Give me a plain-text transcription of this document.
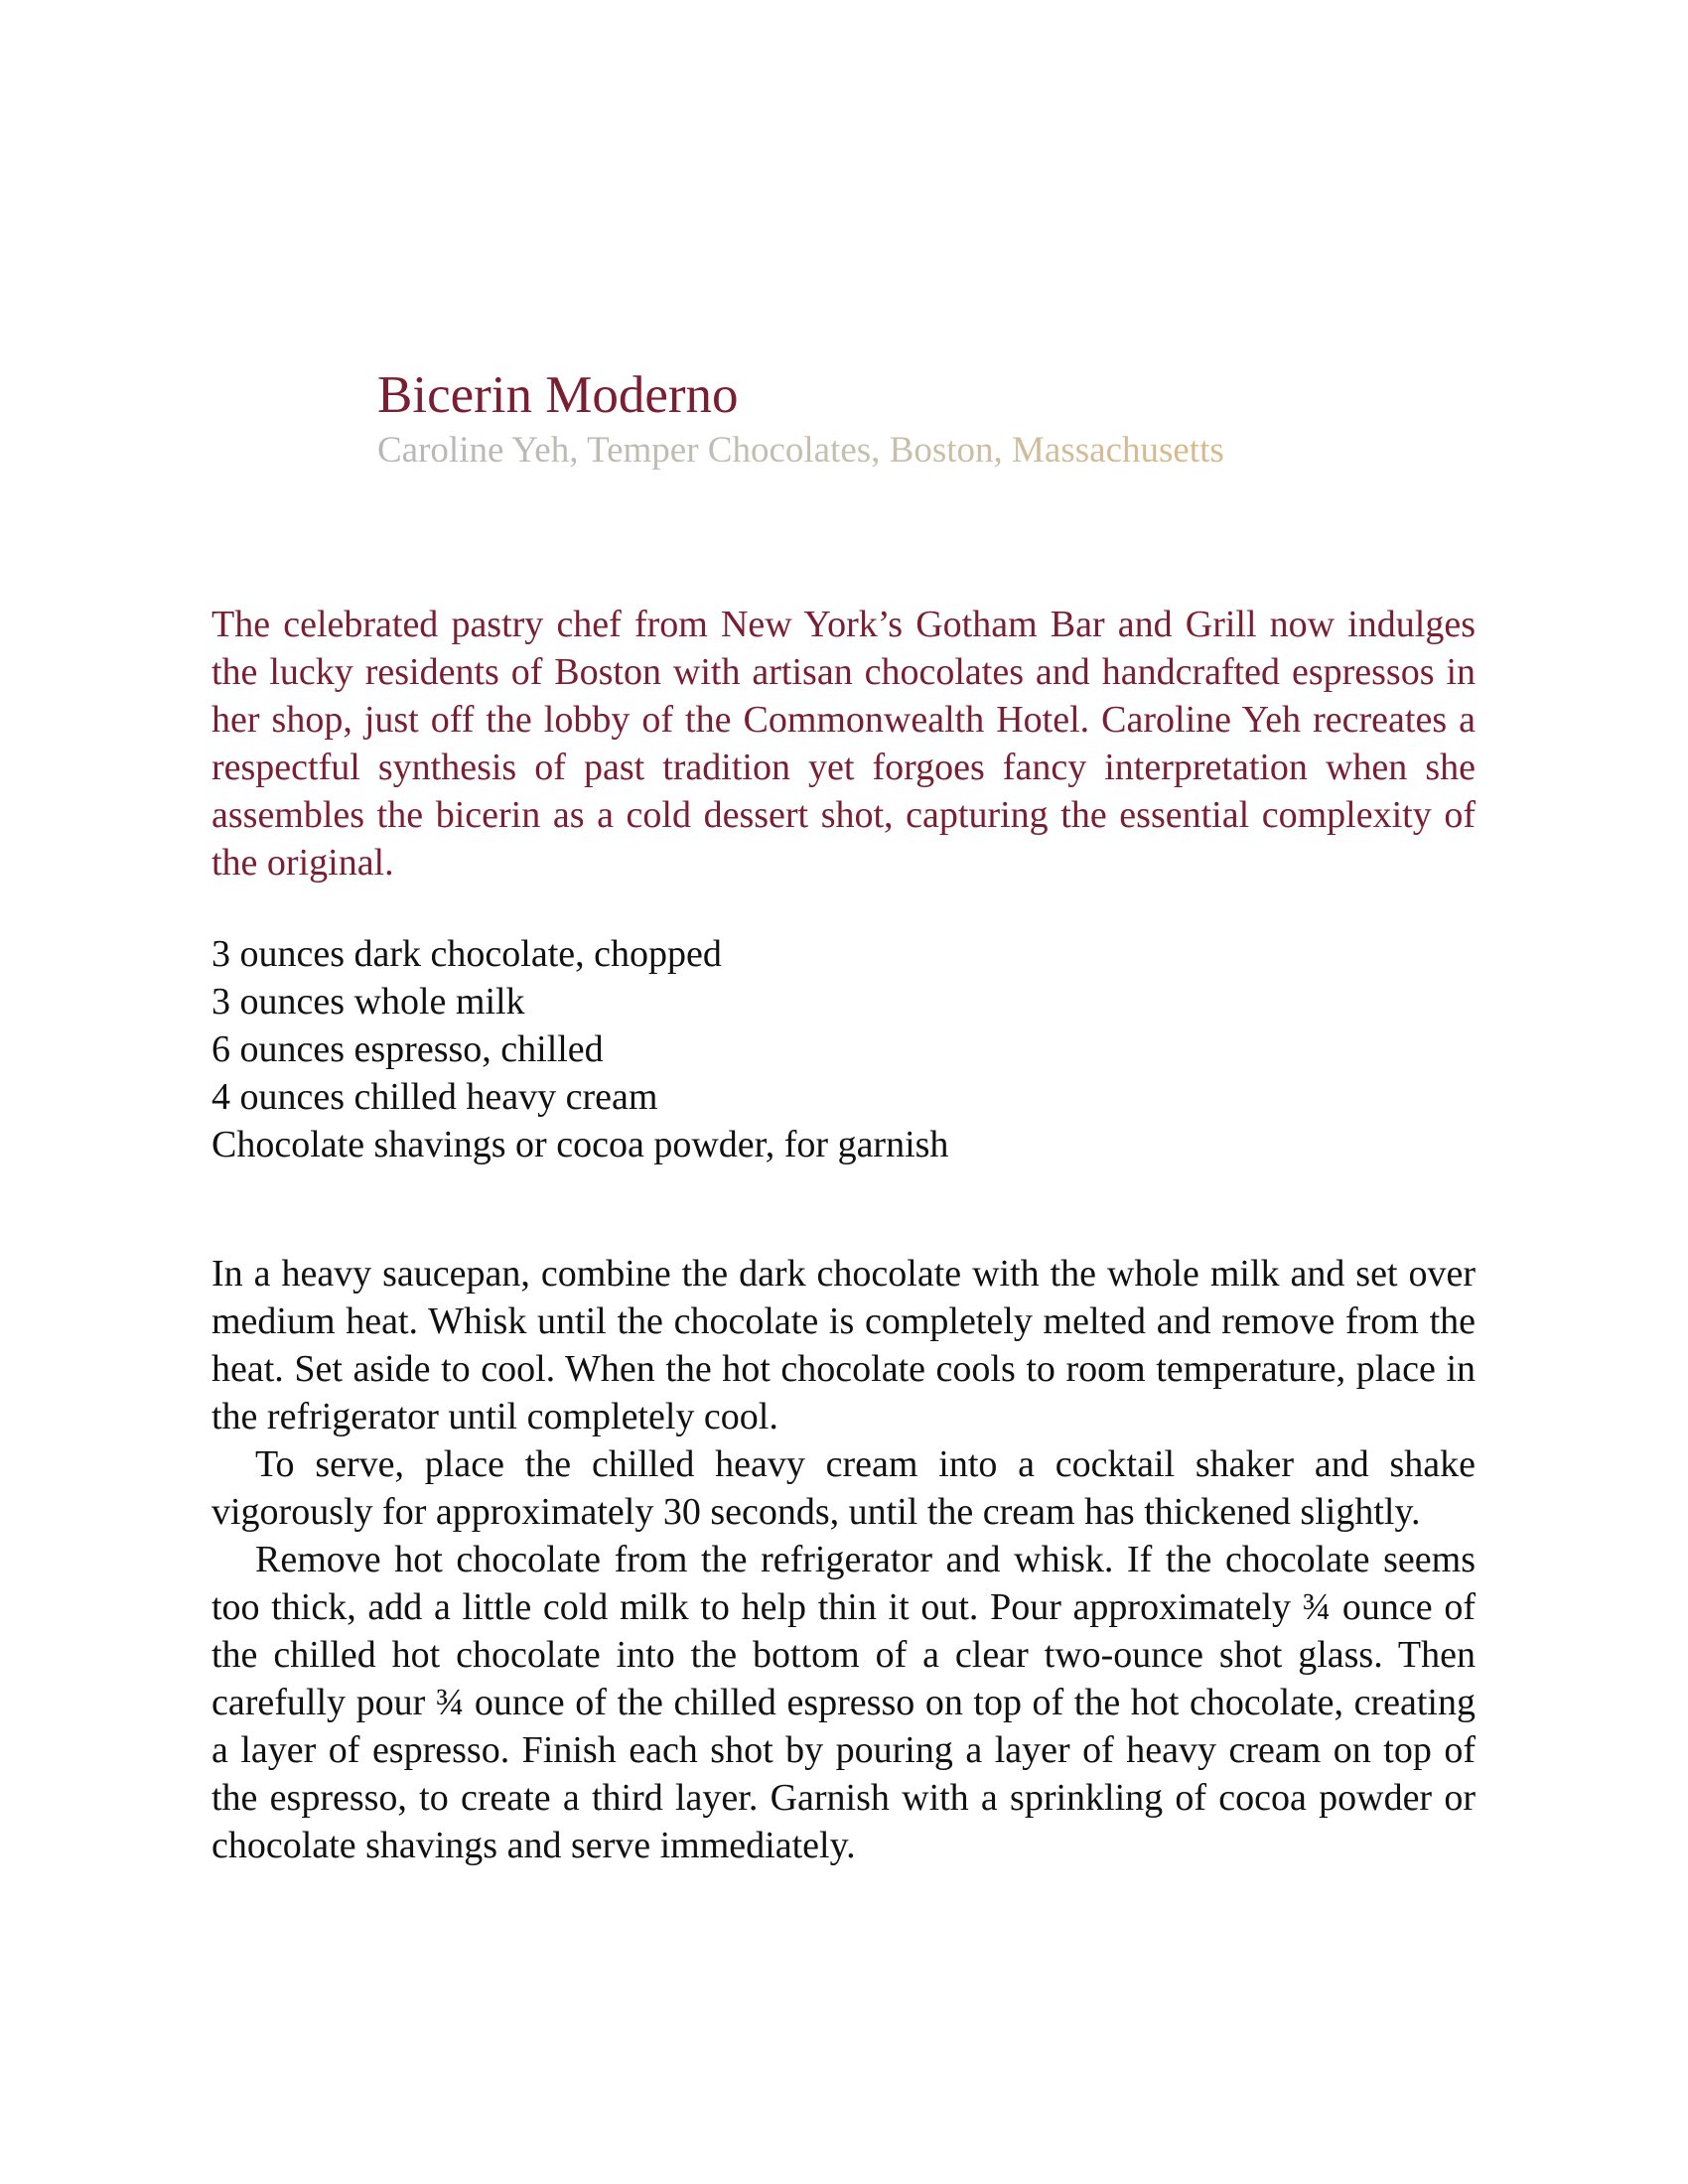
Bicerin Moderno

Caroline Yeh, Temper Chocolates, Boston, Massachusetts

The celebrated pastry chef from New York’s Gotham Bar and Grill now indulges the lucky residents of Boston with artisan chocolates and handcrafted espressos in her shop, just off the lobby of the Commonwealth Hotel. Caroline Yeh recreates a respectful synthesis of past tradition yet forgoes fancy interpretation when she assembles the bicerin as a cold dessert shot, capturing the essential complexity of the original.

3 ounces dark chocolate, chopped
3 ounces whole milk
6 ounces espresso, chilled
4 ounces chilled heavy cream
Chocolate shavings or cocoa powder, for garnish

In a heavy saucepan, combine the dark chocolate with the whole milk and set over medium heat. Whisk until the chocolate is completely melted and remove from the heat. Set aside to cool. When the hot chocolate cools to room temperature, place in the refrigerator until completely cool.

To serve, place the chilled heavy cream into a cocktail shaker and shake vigorously for approximately 30 seconds, until the cream has thickened slightly.

Remove hot chocolate from the refrigerator and whisk. If the chocolate seems too thick, add a little cold milk to help thin it out. Pour approximately ¾ ounce of the chilled hot chocolate into the bottom of a clear two-ounce shot glass. Then carefully pour ¾ ounce of the chilled espresso on top of the hot chocolate, creating a layer of espresso. Finish each shot by pouring a layer of heavy cream on top of the espresso, to create a third layer. Garnish with a sprinkling of cocoa powder or chocolate shavings and serve immediately.
